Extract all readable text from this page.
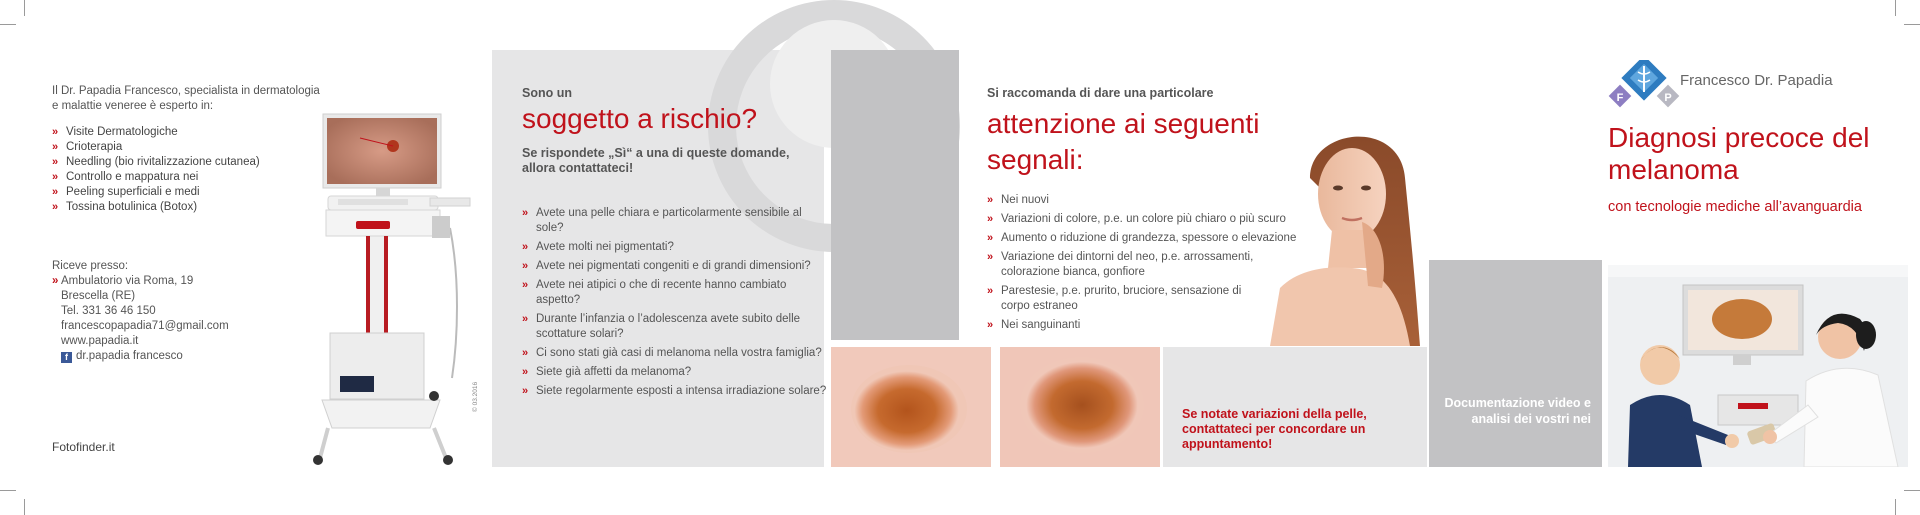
Il Dr. Papadia Francesco, specialista in dermatologia
e malattie veneree è esperto in:
» Visite Dermatologiche
» Crioterapia
» Needling (bio rivitalizzazione cutanea)
» Controllo e mappatura nei
» Peeling superficiali e medi
» Tossina botulinica (Botox)
Riceve presso:
» Ambulatorio via Roma, 19
Brescella (RE)
Tel. 331 36 46 150
francescopapadia71@gmail.com
www.papadia.it
f dr.papadia francesco
Fotofinder.it
© 03.2016
Sono un
soggetto a rischio?
Se rispondete „Sì“ a una di queste domande, allora contattateci!
» Avete una pelle chiara e particolarmente sensibile al sole?
» Avete molti nei pigmentati?
» Avete nei pigmentati congeniti e di grandi dimensioni?
» Avete nei atipici o che di recente hanno cambiato aspetto?
» Durante l’infanzia o l’adolescenza avete subito delle scottature solari?
» Ci sono stati già casi di melanoma nella vostra famiglia?
» Siete già affetti da melanoma?
» Siete regolarmente esposti a intensa irradiazione solare?
Si raccomanda di dare una particolare
attenzione ai seguenti segnali:
» Nei nuovi
» Variazioni di colore, p.e. un colore più chiaro o più scuro
» Aumento o riduzione di grandezza, spessore o elevazione
» Variazione dei dintorni del neo, p.e. arrossamenti, colorazione bianca, gonfiore
» Parestesie, p.e. prurito, bruciore, sensazione di corpo estraneo
» Nei sanguinanti
Se notate variazioni della pelle, contattateci per concordare un appuntamento!
Documentazione video e analisi dei vostri nei
F	P
Francesco Dr. Papadia
Diagnosi precoce del melanoma
con tecnologie mediche all’avanguardia
